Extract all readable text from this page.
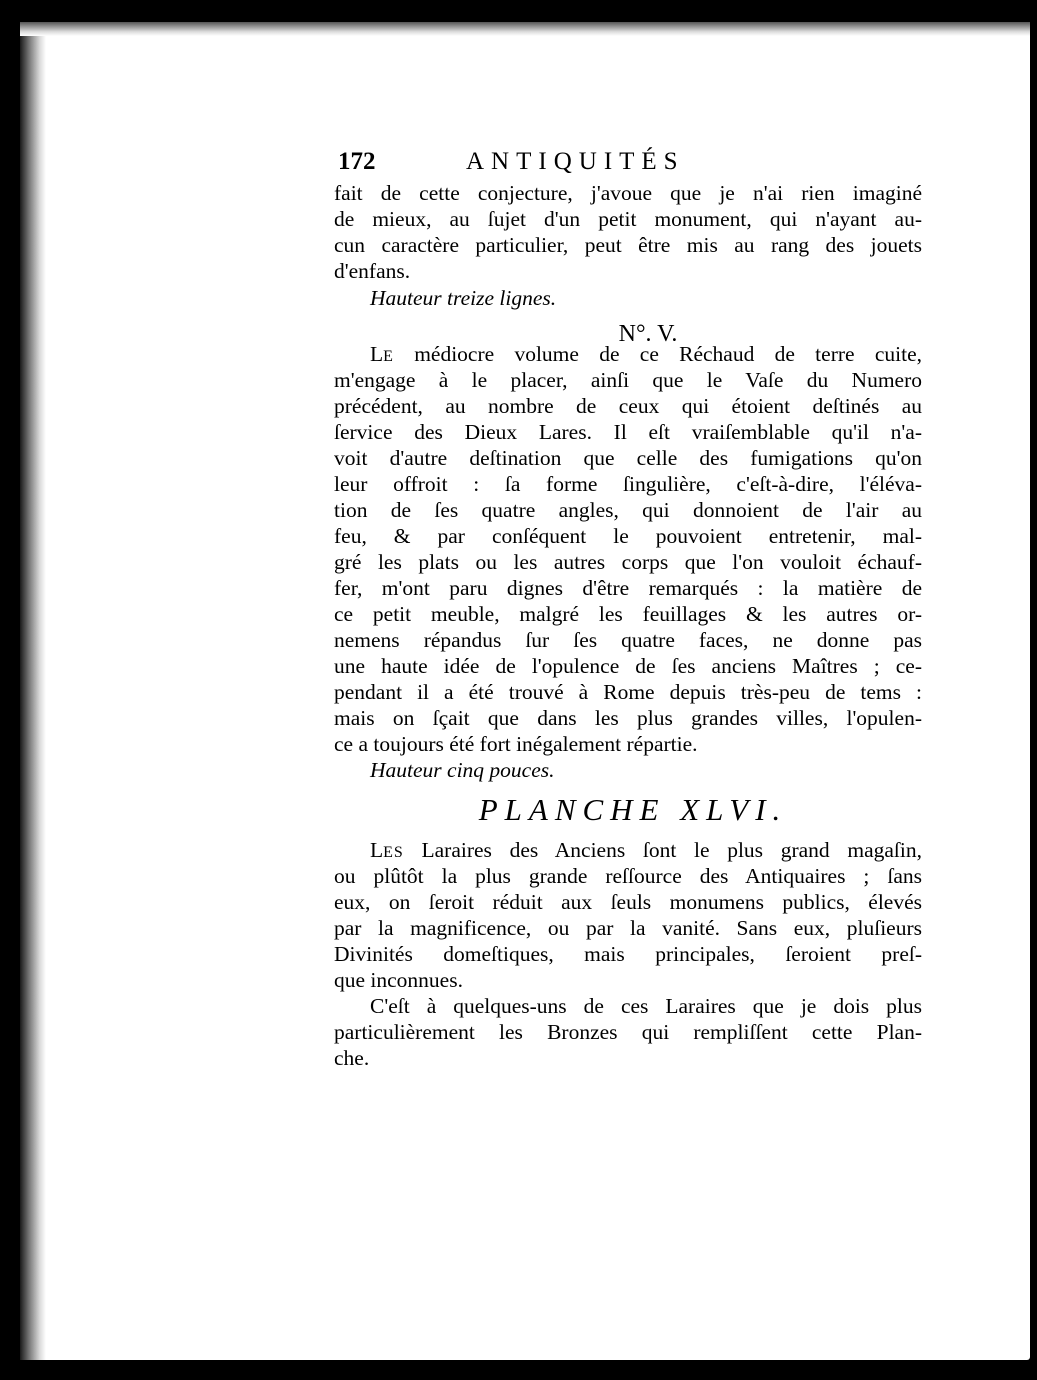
172	ANTIQUITÉS
fait de cette conjecture, j'avoue que je n'ai rien imaginé
de mieux, au ſujet d'un petit monument, qui n'ayant au-
cun caractère particulier, peut être mis au rang des jouets
d'enfans.
Hauteur treize lignes.
N°. V.
LE médiocre volume de ce Réchaud de terre cuite,
m'engage à le placer, ainſi que le Vaſe du Numero
précédent, au nombre de ceux qui étoient deſtinés au
ſervice des Dieux Lares. Il eſt vraiſemblable qu'il n'a-
voit d'autre deſtination que celle des fumigations qu'on
leur offroit : ſa forme ſingulière, c'eſt-à-dire, l'éléva-
tion de ſes quatre angles, qui donnoient de l'air au
feu, & par conſéquent le pouvoient entretenir, mal-
gré les plats ou les autres corps que l'on vouloit échauf-
fer, m'ont paru dignes d'être remarqués : la matière de
ce petit meuble, malgré les feuillages & les autres or-
nemens répandus ſur ſes quatre faces, ne donne pas
une haute idée de l'opulence de ſes anciens Maîtres ; ce-
pendant il a été trouvé à Rome depuis très-peu de tems :
mais on ſçait que dans les plus grandes villes, l'opulen-
ce a toujours été fort inégalement répartie.
Hauteur cinq pouces.
PLANCHE XLVI.
LES Laraires des Anciens ſont le plus grand magaſin,
ou plûtôt la plus grande reſſource des Antiquaires ; ſans
eux, on ſeroit réduit aux ſeuls monumens publics, élevés
par la magnificence, ou par la vanité. Sans eux, pluſieurs
Divinités domeſtiques, mais principales, ſeroient preſ-
que inconnues.
C'eſt à quelques-uns de ces Laraires que je dois plus
particulièrement les Bronzes qui rempliſſent cette Plan-
che.
